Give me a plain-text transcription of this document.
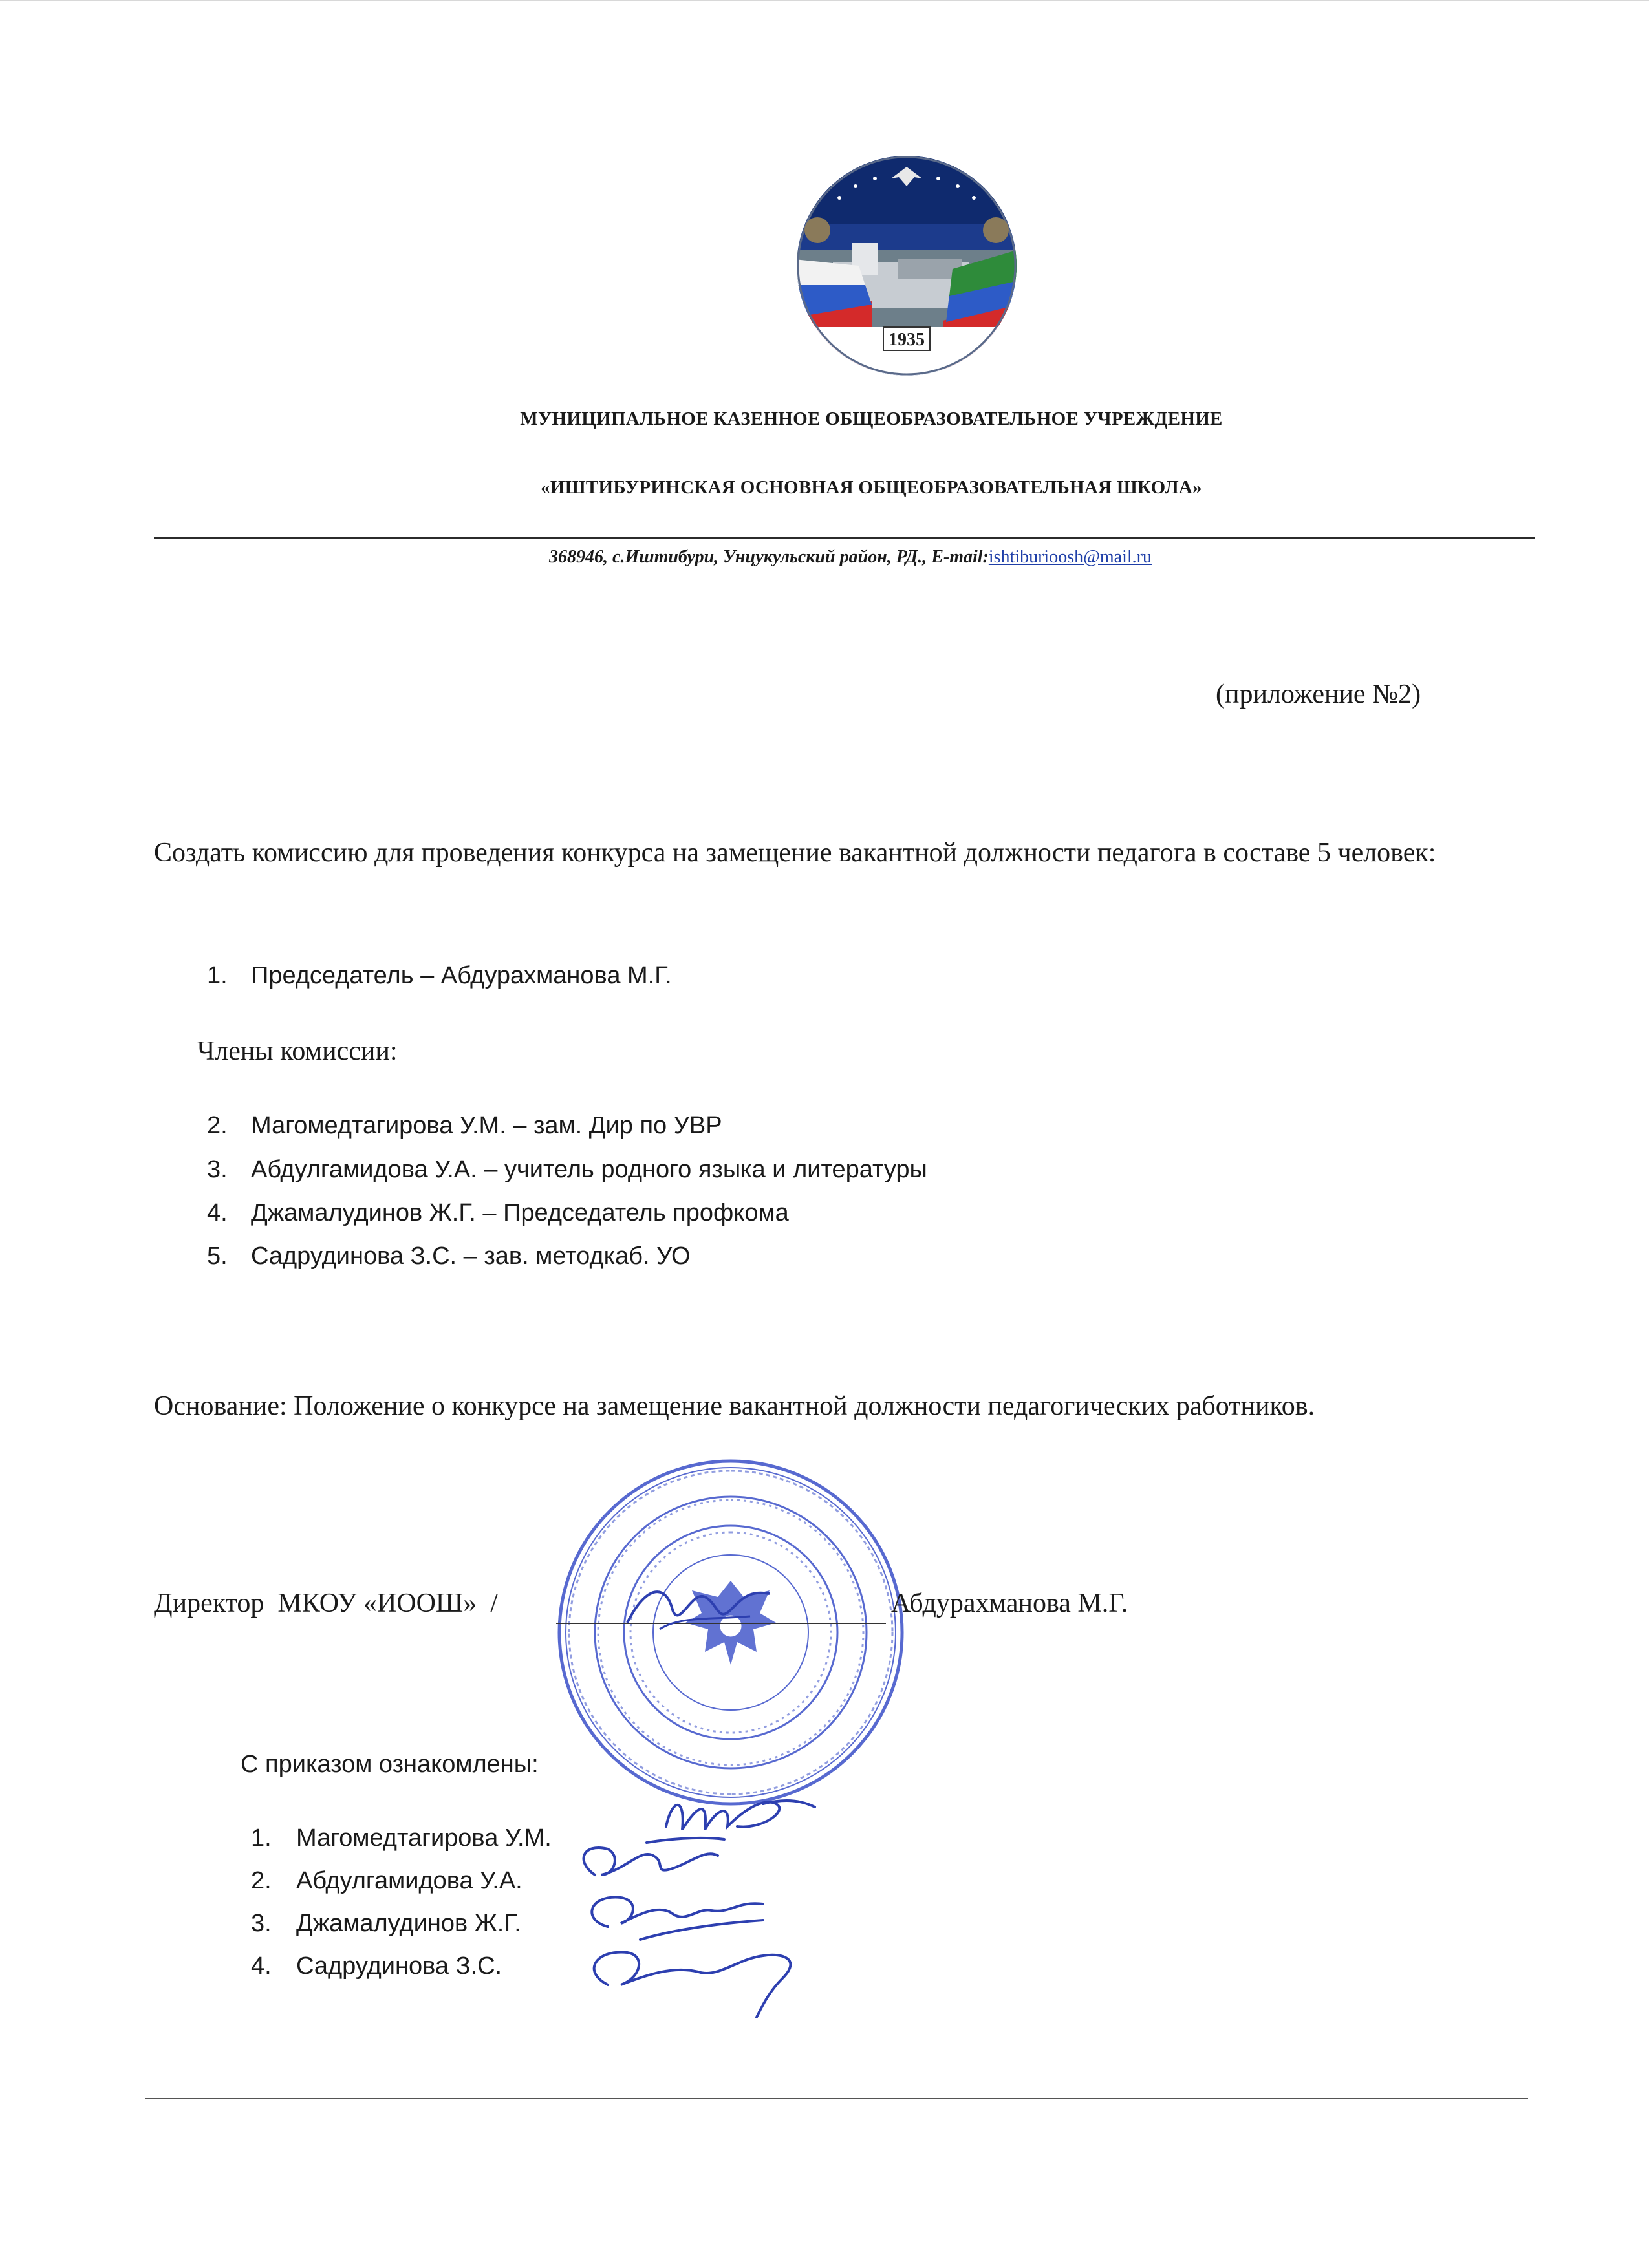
1935
МУНИЦИПАЛЬНОЕ КАЗЕННОЕ ОБЩЕОБРАЗОВАТЕЛЬНОЕ УЧРЕЖДЕНИЕ
«ИШТИБУРИНСКАЯ ОСНОВНАЯ ОБЩЕОБРАЗОВАТЕЛЬНАЯ ШКОЛА»
368946, с.Иштибури, Унцукульский район, РД., E-mail:ishtiburioosh@mail.ru
(приложение №2)
Создать комиссию для проведения конкурса на замещение вакантной должности педагога в составе 5 человек:
1. Председатель – Абдурахманова М.Г.
Члены комиссии:
2. Магомедтагирова У.М. – зам. Дир по УВР
3. Абдулгамидова У.А. – учитель родного языка и литературы
4. Джамалудинов Ж.Г. – Председатель профкома
5. Садрудинова З.С. – зав. методкаб. УО
Основание: Положение о конкурсе на замещение вакантной должности педагогических работников.
Директор  МКОУ «ИООШ»  /	Абдурахманова М.Г.
С приказом ознакомлены:
1. Магомедтагирова У.М.
2. Абдулгамидова У.А.
3. Джамалудинов Ж.Г.
4. Садрудинова З.С.
